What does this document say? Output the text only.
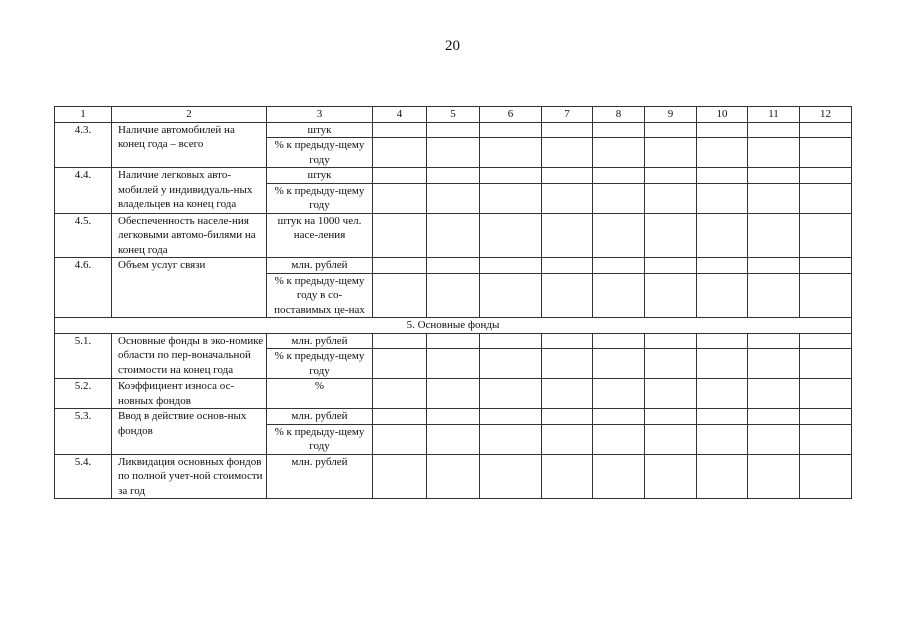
20
1	2	3	4	5	6	7	8	9	10	11	12
4.3.	Наличие автомобилей на конец года – всего	штук									
		% к предыду-щему году									
4.4.	Наличие легковых авто-мобилей у индивидуаль-ных владельцев на конец года	штук									
		% к предыду-щему году									
4.5.	Обеспеченность населе-ния легковыми автомо-билями на конец года	штук на 1000 чел. насе-ления									
4.6.	Объем услуг связи	млн. рублей									
		% к предыду-щему году в со-поставимых це-нах									
5. Основные фонды											
5.1.	Основные фонды в эко-номике области по пер-воначальной стоимости на конец года	млн. рублей									
		% к предыду-щему году									
5.2.	Коэффициент износа ос-новных фондов	%									
5.3.	Ввод в действие основ-ных фондов	млн. рублей									
		% к предыду-щему году									
5.4.	Ликвидация основных фондов по полной учет-ной стоимости за год	млн. рублей									
